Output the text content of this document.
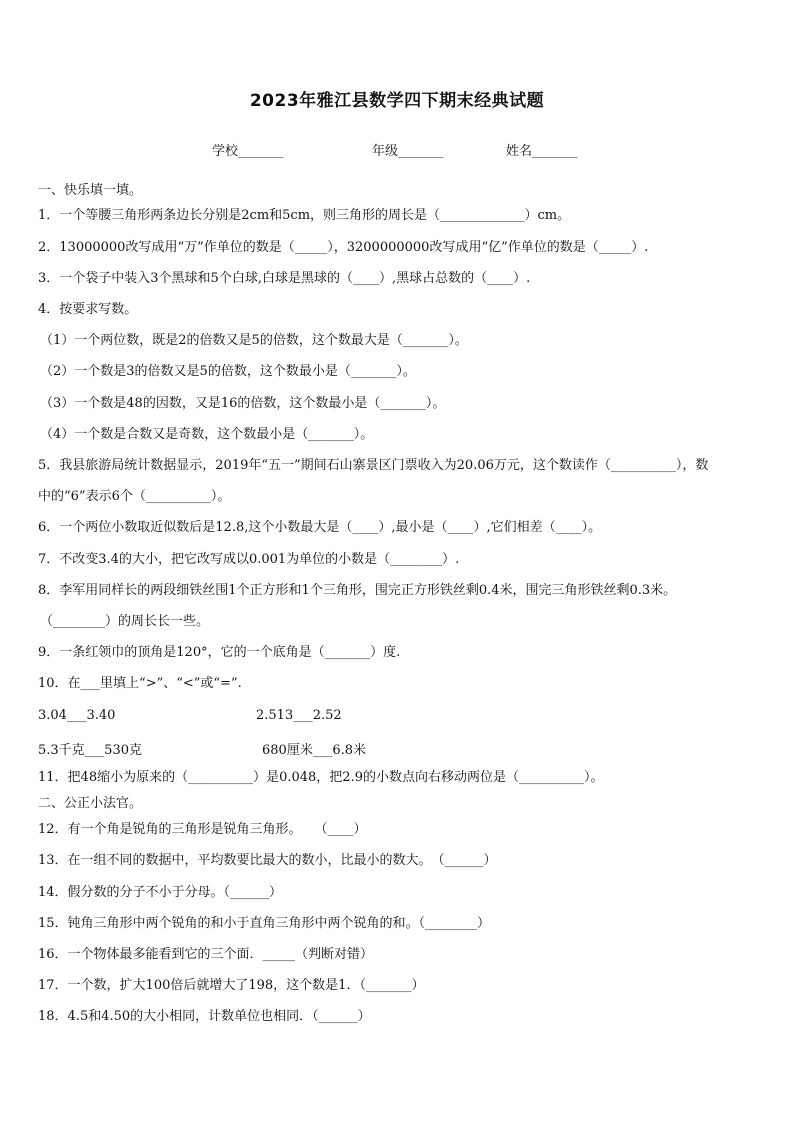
2023年雅江县数学四下期末经典试题
学校_______	年级_______	姓名_______
一、快乐填一填。
1．一个等腰三角形两条边长分别是2cm和5cm，则三角形的周长是（_____________）cm。
2．13000000改写成用“万”作单位的数是（_____），3200000000改写成用“亿”作单位的数是（_____）.
3．一个袋子中装入3个黑球和5个白球,白球是黑球的（____）,黑球占总数的（____）.
4．按要求写数。
（1）一个两位数，既是2的倍数又是5的倍数，这个数最大是（_______）。
（2）一个数是3的倍数又是5的倍数，这个数最小是（_______）。
（3）一个数是48的因数，又是16的倍数，这个数最小是（_______）。
（4）一个数是合数又是奇数，这个数最小是（_______）。
5．我县旅游局统计数据显示，2019年“五一”期间石山寨景区门票收入为20.06万元，这个数读作（__________），数
中的“6”表示6个（__________）。
6．一个两位小数取近似数后是12.8,这个小数最大是（____）,最小是（____）,它们相差（____）。
7．不改变3.4的大小，把它改写成以0.001为单位的小数是（________）.
8．李军用同样长的两段细铁丝围1个正方形和1个三角形，围完正方形铁丝剩0.4米，围完三角形铁丝剩0.3米。
（________）的周长长一些。
9．一条红领巾的顶角是120°，它的一个底角是（_______）度.
10．在___里填上“>”、“<”或“=”.
3.04___3.40	2.513___2.52
5.3千克___530克	680厘米___6.8米
11．把48缩小为原来的（__________）是0.048，把2.9的小数点向右移动两位是（__________）。
二、公正小法官。
12．有一个角是锐角的三角形是锐角三角形。　　（____）
13．在一组不同的数据中，平均数要比最大的数小，比最小的数大。　（______）
14．假分数的分子不小于分母。（______）
15．钝角三角形中两个锐角的和小于直角三角形中两个锐角的和。（________）
16．一个物体最多能看到它的三个面．_____（判断对错）
17．一个数，扩大100倍后就增大了198，这个数是1．（_______）
18．4.5和4.50的大小相同，计数单位也相同．（______）
